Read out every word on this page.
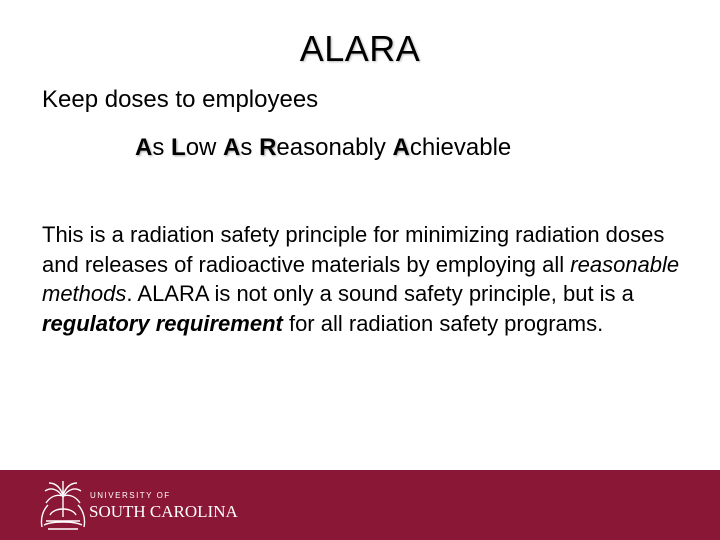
ALARA
Keep doses to employees
As Low As Reasonably Achievable
This is a radiation safety principle for minimizing radiation doses and releases of radioactive materials by employing all reasonable methods. ALARA is not only a sound safety principle, but is a regulatory requirement for all radiation safety programs.
UNIVERSITY OF
SOUTH CAROLINA
